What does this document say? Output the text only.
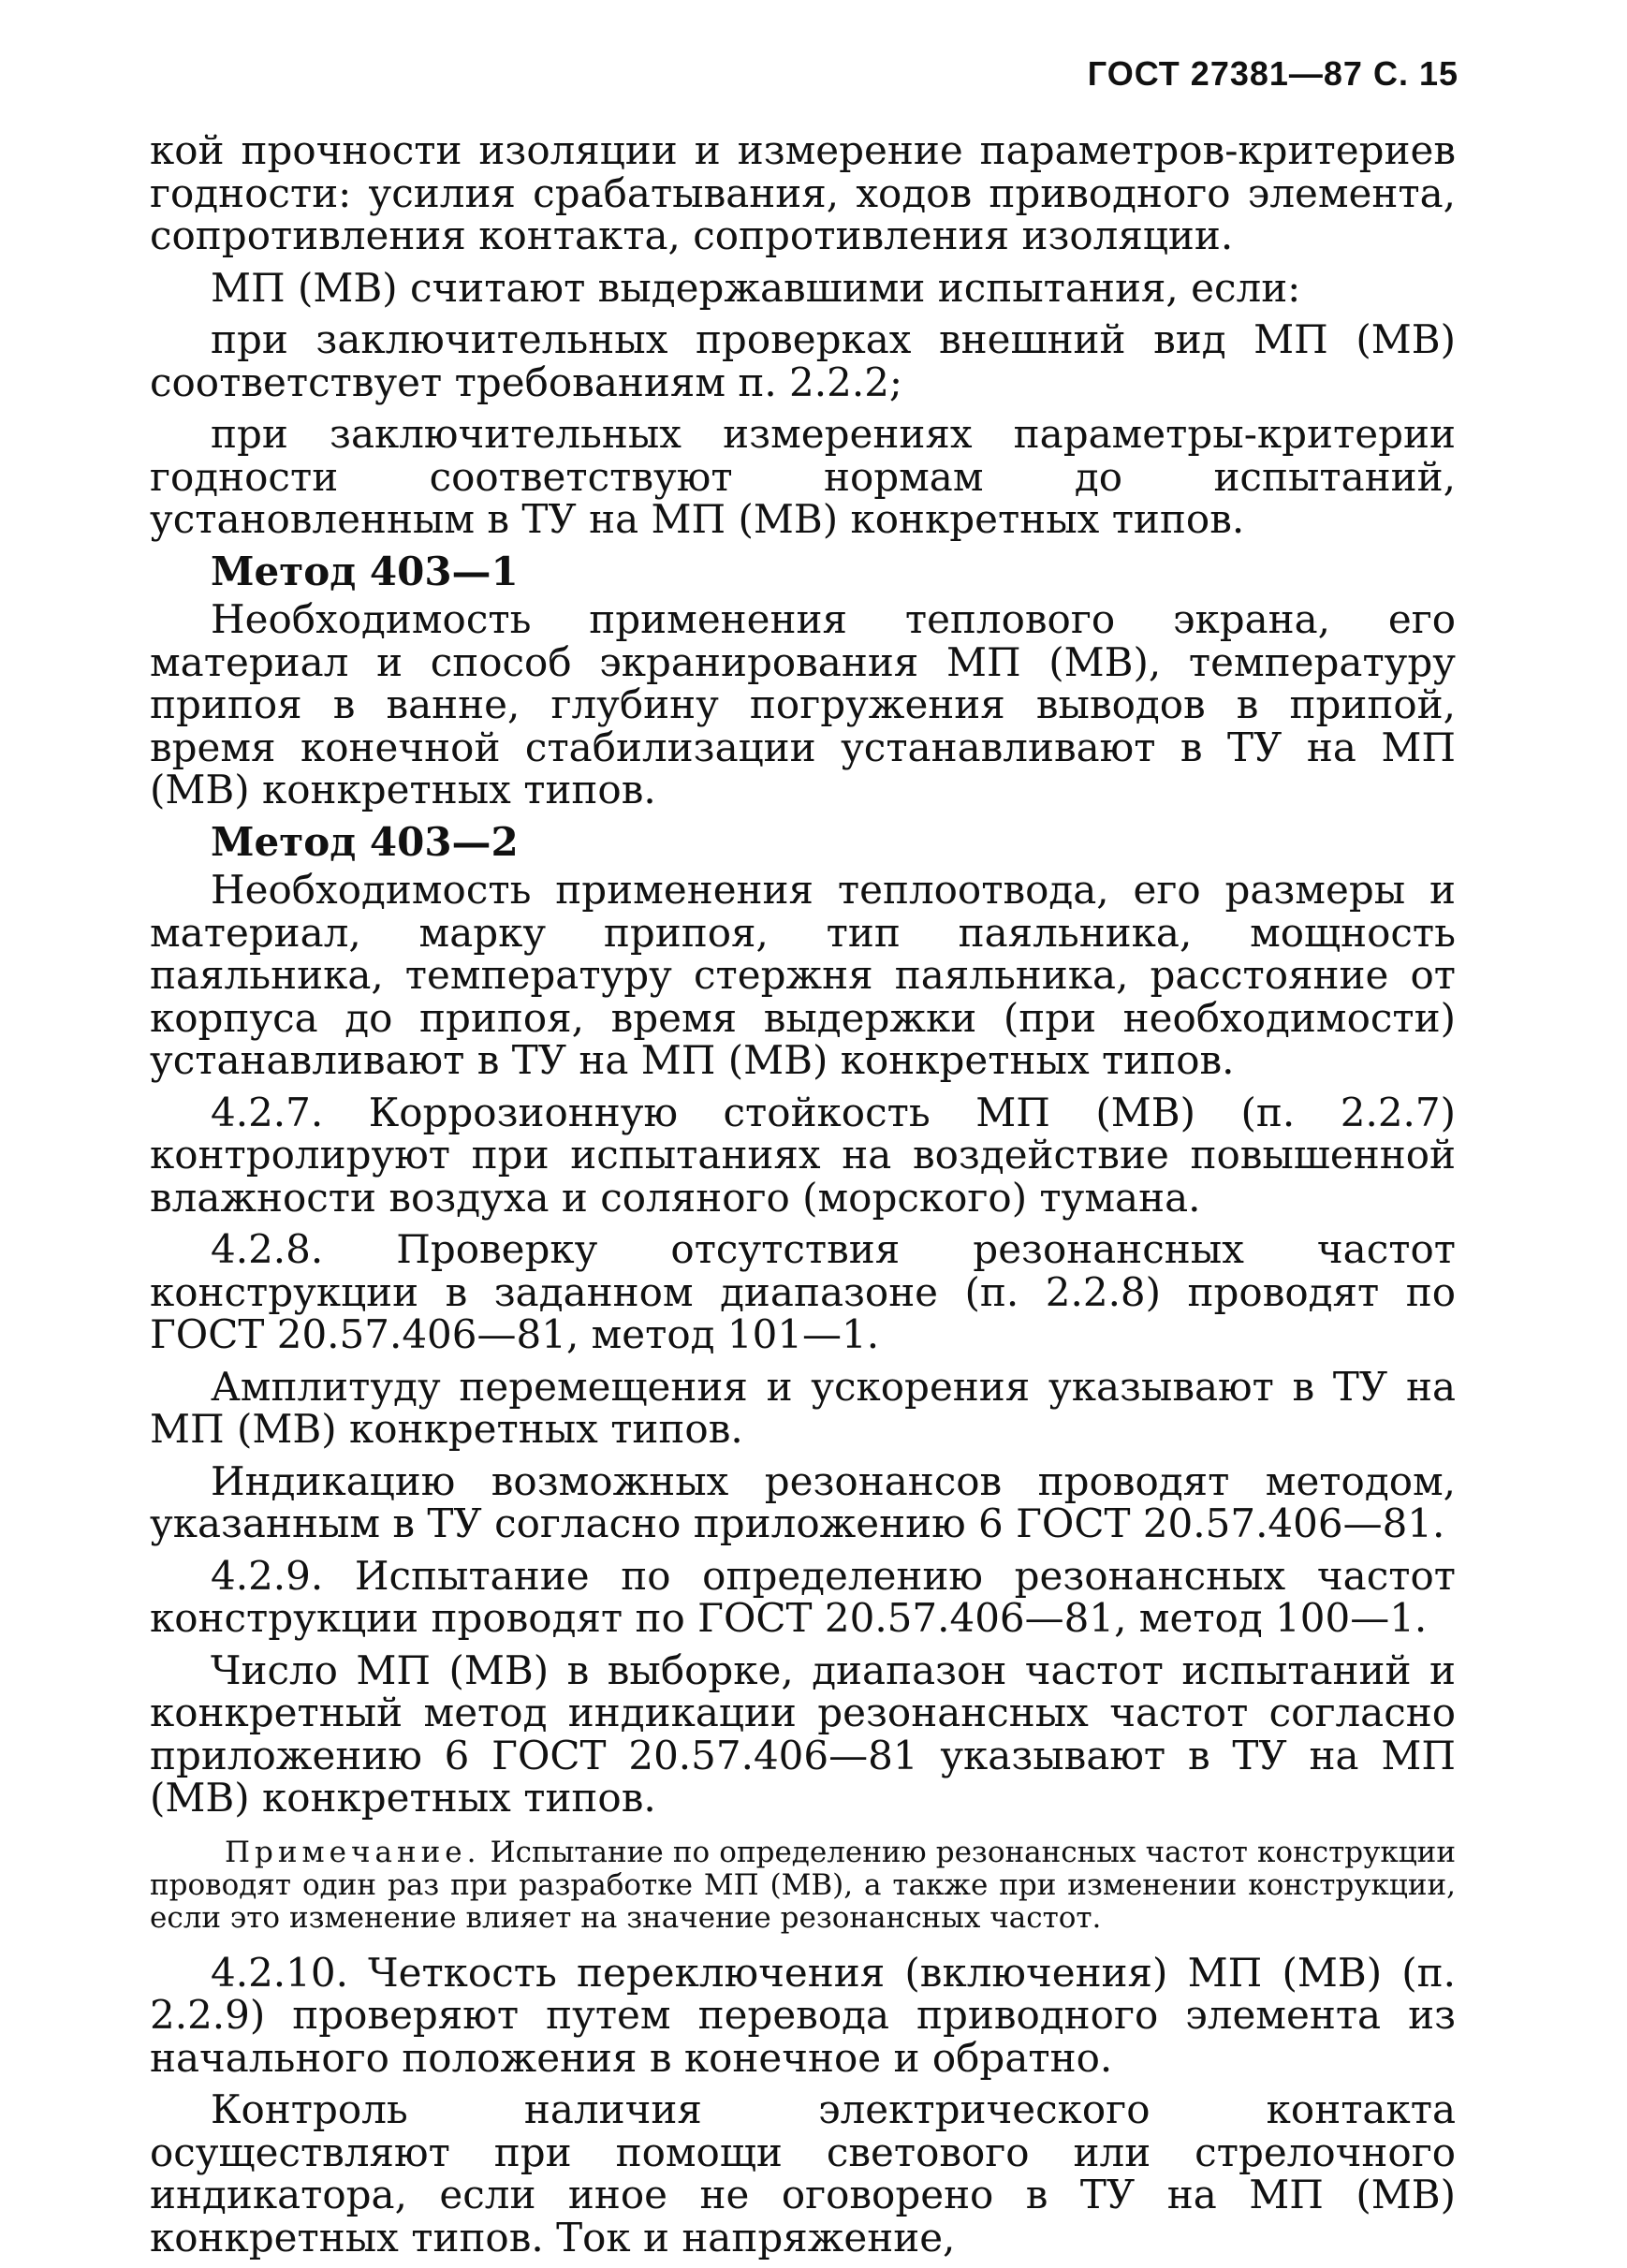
ГОСТ 27381—87 С. 15

кой прочности изоляции и измерение параметров-критериев годности: усилия срабатывания, ходов приводного элемента, сопротивления контакта, сопротивления изоляции.

МП (МВ) считают выдержавшими испытания, если:

при заключительных проверках внешний вид МП (МВ) соответствует требованиям п. 2.2.2;

при заключительных измерениях параметры-критерии годности соответствуют нормам до испытаний, установленным в ТУ на МП (МВ) конкретных типов.

Метод 403—1

Необходимость применения теплового экрана, его материал и способ экранирования МП (МВ), температуру припоя в ванне, глубину погружения выводов в припой, время конечной стабилизации устанавливают в ТУ на МП (МВ) конкретных типов.

Метод 403—2

Необходимость применения теплоотвода, его размеры и материал, марку припоя, тип паяльника, мощность паяльника, температуру стержня паяльника, расстояние от корпуса до припоя, время выдержки (при необходимости) устанавливают в ТУ на МП (МВ) конкретных типов.

4.2.7. Коррозионную стойкость МП (МВ) (п. 2.2.7) контролируют при испытаниях на воздействие повышенной влажности воздуха и соляного (морского) тумана.

4.2.8. Проверку отсутствия резонансных частот конструкции в заданном диапазоне (п. 2.2.8) проводят по ГОСТ 20.57.406—81, метод 101—1.

Амплитуду перемещения и ускорения указывают в ТУ на МП (МВ) конкретных типов.

Индикацию возможных резонансов проводят методом, указанным в ТУ согласно приложению 6 ГОСТ 20.57.406—81.

4.2.9. Испытание по определению резонансных частот конструкции проводят по ГОСТ 20.57.406—81, метод 100—1.

Число МП (МВ) в выборке, диапазон частот испытаний и конкретный метод индикации резонансных частот согласно приложению 6 ГОСТ 20.57.406—81 указывают в ТУ на МП (МВ) конкретных типов.

Примечание. Испытание по определению резонансных частот конструкции проводят один раз при разработке МП (МВ), а также при изменении конструкции, если это изменение влияет на значение резонансных частот.

4.2.10. Четкость переключения (включения) МП (МВ) (п. 2.2.9) проверяют путем перевода приводного элемента из начального положения в конечное и обратно.

Контроль наличия электрического контакта осуществляют при помощи светового или стрелочного индикатора, если иное не оговорено в ТУ на МП (МВ) конкретных типов. Ток и напряжение,
